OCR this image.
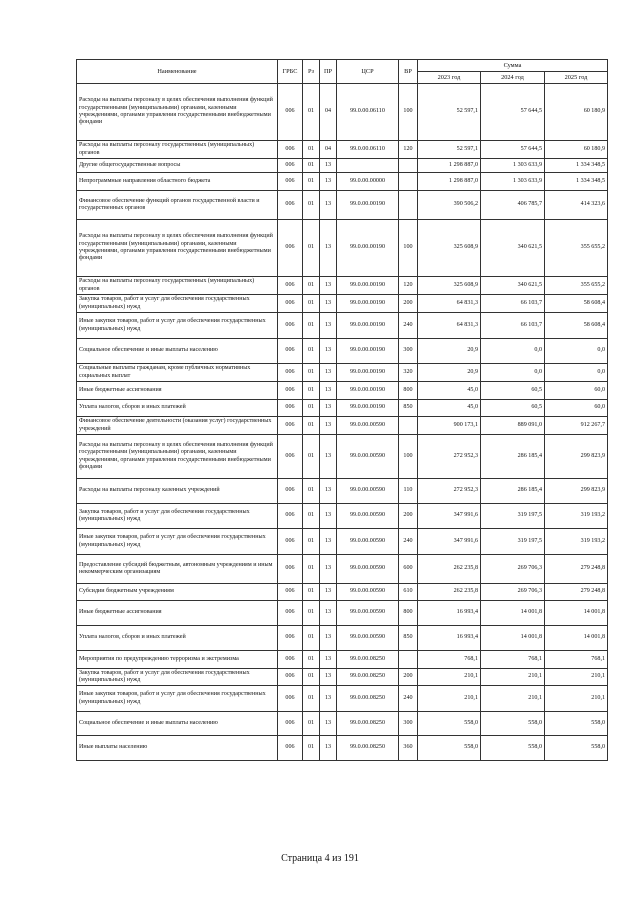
Наименование	ГРБС	Рз	ПР	ЦСР	ВР	Сумма		
						2023 год	2024 год	2025 год
Расходы на выплаты персоналу в целях обеспечения выполнения функций государственными (муниципальными) органами, казенными учреждениями, органами управления государственными внебюджетными фондами	006	01	04	99.0.00.06110	100	52 597,1	57 644,5	60 180,9
Расходы на выплаты персоналу государственных (муниципальных) органов	006	01	04	99.0.00.06110	120	52 597,1	57 644,5	60 180,9
Другие общегосударственные вопросы	006	01	13			1 298 887,0	1 303 633,9	1 334 348,5
Непрограммные направления областного бюджета	006	01	13	99.0.00.00000		1 298 887,0	1 303 633,9	1 334 348,5
Финансовое обеспечение функций органов государственной власти и государственных органов	006	01	13	99.0.00.00190		390 506,2	406 785,7	414 323,6
Расходы на выплаты персоналу в целях обеспечения выполнения функций государственными (муниципальными) органами, казенными учреждениями, органами управления государственными внебюджетными фондами	006	01	13	99.0.00.00190	100	325 608,9	340 621,5	355 655,2
Расходы на выплаты персоналу государственных (муниципальных) органов	006	01	13	99.0.00.00190	120	325 608,9	340 621,5	355 655,2
Закупка товаров, работ и услуг для обеспечения государственных (муниципальных) нужд	006	01	13	99.0.00.00190	200	64 831,3	66 103,7	58 608,4
Иные закупки товаров, работ и услуг для обеспечения государственных (муниципальных) нужд	006	01	13	99.0.00.00190	240	64 831,3	66 103,7	58 608,4
Социальное обеспечение и иные выплаты населению	006	01	13	99.0.00.00190	300	20,9	0,0	0,0
Социальные выплаты гражданам, кроме публичных нормативных социальных выплат	006	01	13	99.0.00.00190	320	20,9	0,0	0,0
Иные бюджетные ассигнования	006	01	13	99.0.00.00190	800	45,0	60,5	60,0
Уплата налогов, сборов и иных платежей	006	01	13	99.0.00.00190	850	45,0	60,5	60,0
Финансовое обеспечение деятельности (оказания услуг) государственных учреждений	006	01	13	99.0.00.00590		900 173,1	889 091,0	912 267,7
Расходы на выплаты персоналу в целях обеспечения выполнения функций государственными (муниципальными) органами, казенными учреждениями, органами управления государственными внебюджетными фондами	006	01	13	99.0.00.00590	100	272 952,3	286 185,4	299 823,9
Расходы на выплаты персоналу казенных учреждений	006	01	13	99.0.00.00590	110	272 952,3	286 185,4	299 823,9
Закупка товаров, работ и услуг для обеспечения государственных (муниципальных) нужд	006	01	13	99.0.00.00590	200	347 991,6	319 197,5	319 193,2
Иные закупки товаров, работ и услуг для обеспечения государственных (муниципальных) нужд	006	01	13	99.0.00.00590	240	347 991,6	319 197,5	319 193,2
Предоставление субсидий бюджетным, автономным учреждениям и иным некоммерческим организациям	006	01	13	99.0.00.00590	600	262 235,8	269 706,3	279 248,8
Субсидии бюджетным учреждениям	006	01	13	99.0.00.00590	610	262 235,8	269 706,3	279 248,8
Иные бюджетные ассигнования	006	01	13	99.0.00.00590	800	16 993,4	14 001,8	14 001,8
Уплата налогов, сборов и иных платежей	006	01	13	99.0.00.00590	850	16 993,4	14 001,8	14 001,8
Мероприятия по предупреждению терроризма и экстремизма	006	01	13	99.0.00.08250		768,1	768,1	768,1
Закупка товаров, работ и услуг для обеспечения государственных (муниципальных) нужд	006	01	13	99.0.00.08250	200	210,1	210,1	210,1
Иные закупки товаров, работ и услуг для обеспечения государственных (муниципальных) нужд	006	01	13	99.0.00.08250	240	210,1	210,1	210,1
Социальное обеспечение и иные выплаты населению	006	01	13	99.0.00.08250	300	558,0	558,0	558,0
Иные выплаты населению	006	01	13	99.0.00.08250	360	558,0	558,0	558,0
Страница 4 из 191
